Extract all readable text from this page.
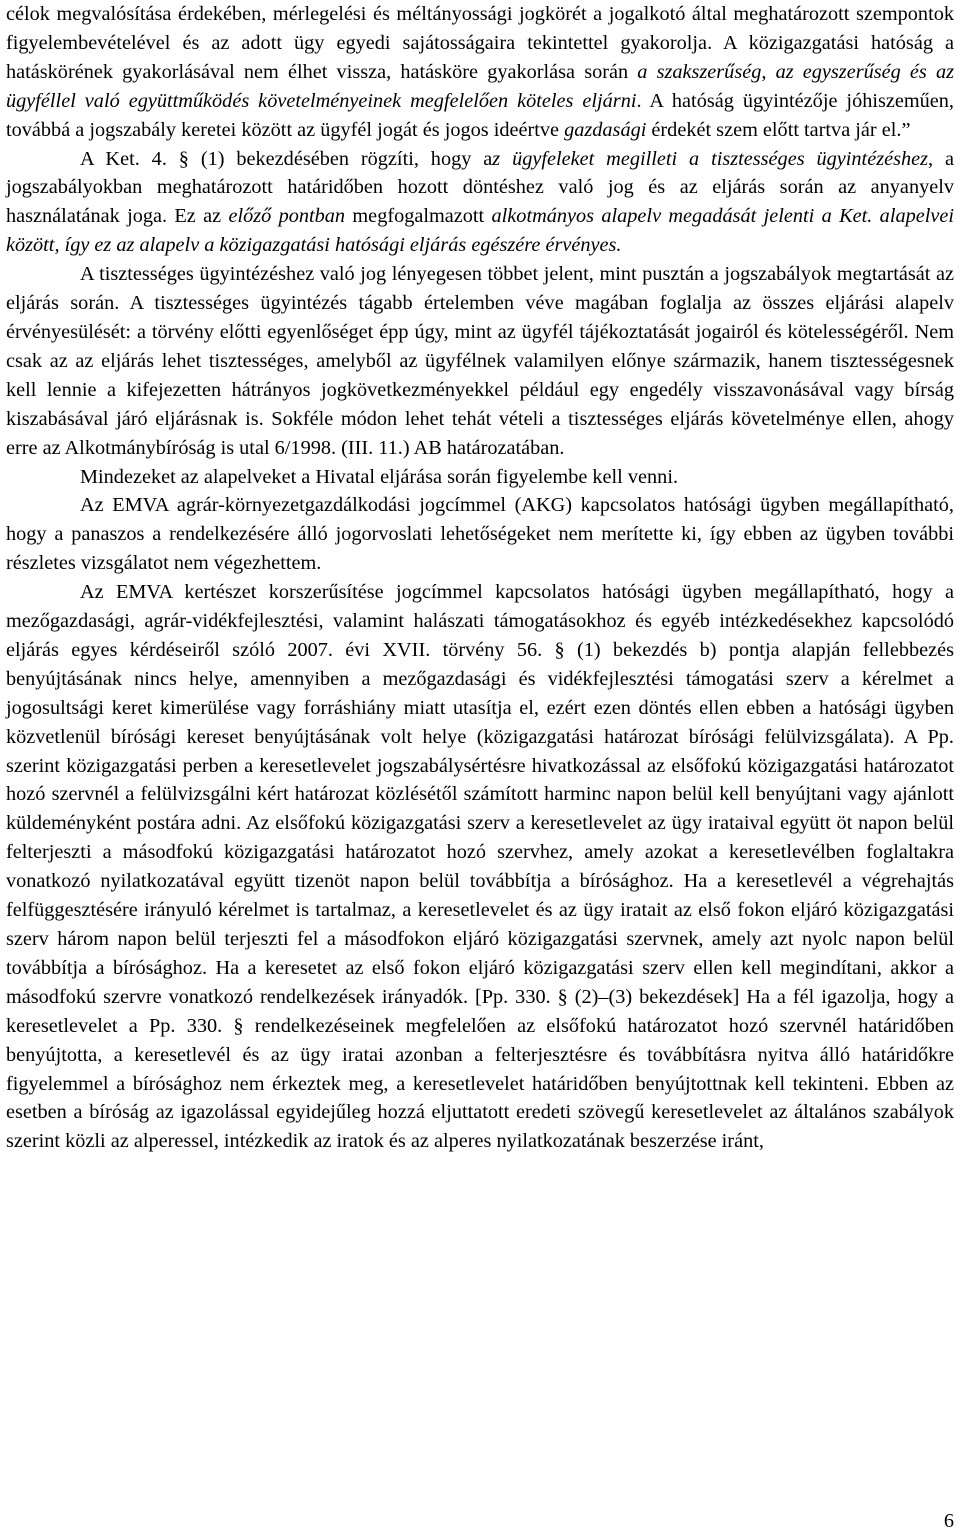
célok megvalósítása érdekében, mérlegelési és méltányossági jogkörét a jogalkotó által meghatározott szempontok figyelembevételével és az adott ügy egyedi sajátosságaira tekintettel gyakorolja. A közigazgatási hatóság a hatáskörének gyakorlásával nem élhet vissza, hatásköre gyakorlása során a szakszerűség, az egyszerűség és az ügyféllel való együttműködés követelményeinek megfelelően köteles eljárni. A hatóság ügyintézője jóhiszeműen, továbbá a jogszabály keretei között az ügyfél jogát és jogos ideértve gazdasági érdekét szem előtt tartva jár el.”

A Ket. 4. § (1) bekezdésében rögzíti, hogy az ügyfeleket megilleti a tisztességes ügyintézéshez, a jogszabályokban meghatározott határidőben hozott döntéshez való jog és az eljárás során az anyanyelv használatának joga. Ez az előző pontban megfogalmazott alkotmányos alapelv megadását jelenti a Ket. alapelvei között, így ez az alapelv a közigazgatási hatósági eljárás egészére érvényes.

A tisztességes ügyintézéshez való jog lényegesen többet jelent, mint pusztán a jogszabályok megtartását az eljárás során. A tisztességes ügyintézés tágabb értelemben véve magában foglalja az összes eljárási alapelv érvényesülését: a törvény előtti egyenlőséget épp úgy, mint az ügyfél tájékoztatását jogairól és kötelességéről. Nem csak az az eljárás lehet tisztességes, amelyből az ügyfélnek valamilyen előnye származik, hanem tisztességesnek kell lennie a kifejezetten hátrányos jogkövetkezményekkel például egy engedély visszavonásával vagy bírság kiszabásával járó eljárásnak is. Sokféle módon lehet tehát vételi a tisztességes eljárás követelménye ellen, ahogy erre az Alkotmánybíróság is utal 6/1998. (III. 11.) AB határozatában.

Mindezeket az alapelveket a Hivatal eljárása során figyelembe kell venni.

Az EMVA agrár-környezetgazdálkodási jogcímmel (AKG) kapcsolatos hatósági ügyben megállapítható, hogy a panaszos a rendelkezésére álló jogorvoslati lehetőségeket nem merítette ki, így ebben az ügyben további részletes vizsgálatot nem végezhettem.

Az EMVA kertészet korszerűsítése jogcímmel kapcsolatos hatósági ügyben megállapítható, hogy a mezőgazdasági, agrár-vidékfejlesztési, valamint halászati támogatásokhoz és egyéb intézkedésekhez kapcsolódó eljárás egyes kérdéseiről szóló 2007. évi XVII. törvény 56. § (1) bekezdés b) pontja alapján fellebbezés benyújtásának nincs helye, amennyiben a mezőgazdasági és vidékfejlesztési támogatási szerv a kérelmet a jogosultsági keret kimerülése vagy forráshiány miatt utasítja el, ezért ezen döntés ellen ebben a hatósági ügyben közvetlenül bírósági kereset benyújtásának volt helye (közigazgatási határozat bírósági felülvizsgálata). A Pp. szerint közigazgatási perben a keresetlevelet jogszabálysértésre hivatkozással az elsőfokú közigazgatási határozatot hozó szervnél a felülvizsgálni kért határozat közlésétől számított harminc napon belül kell benyújtani vagy ajánlott küldeményként postára adni. Az elsőfokú közigazgatási szerv a keresetlevelet az ügy irataival együtt öt napon belül felterjeszti a másodfokú közigazgatási határozatot hozó szervhez, amely azokat a keresetlevélben foglaltakra vonatkozó nyilatkozatával együtt tizenöt napon belül továbbítja a bírósághoz. Ha a keresetlevél a végrehajtás felfüggesztésére irányuló kérelmet is tartalmaz, a keresetlevelet és az ügy iratait az első fokon eljáró közigazgatási szerv három napon belül terjeszti fel a másodfokon eljáró közigazgatási szervnek, amely azt nyolc napon belül továbbítja a bírósághoz. Ha a keresetet az első fokon eljáró közigazgatási szerv ellen kell megindítani, akkor a másodfokú szervre vonatkozó rendelkezések irányadók. [Pp. 330. § (2)–(3) bekezdések] Ha a fél igazolja, hogy a keresetlevelet a Pp. 330. § rendelkezéseinek megfelelően az elsőfokú határozatot hozó szervnél határidőben benyújtotta, a keresetlevél és az ügy iratai azonban a felterjesztésre és továbbításra nyitva álló határidőkre figyelemmel a bírósághoz nem érkeztek meg, a keresetlevelet határidőben benyújtottnak kell tekinteni. Ebben az esetben a bíróság az igazolással egyidejűleg hozzá eljuttatott eredeti szövegű keresetlevelet az általános szabályok szerint közli az alperessel, intézkedik az iratok és az alperes nyilatkozatának beszerzése iránt,

6
